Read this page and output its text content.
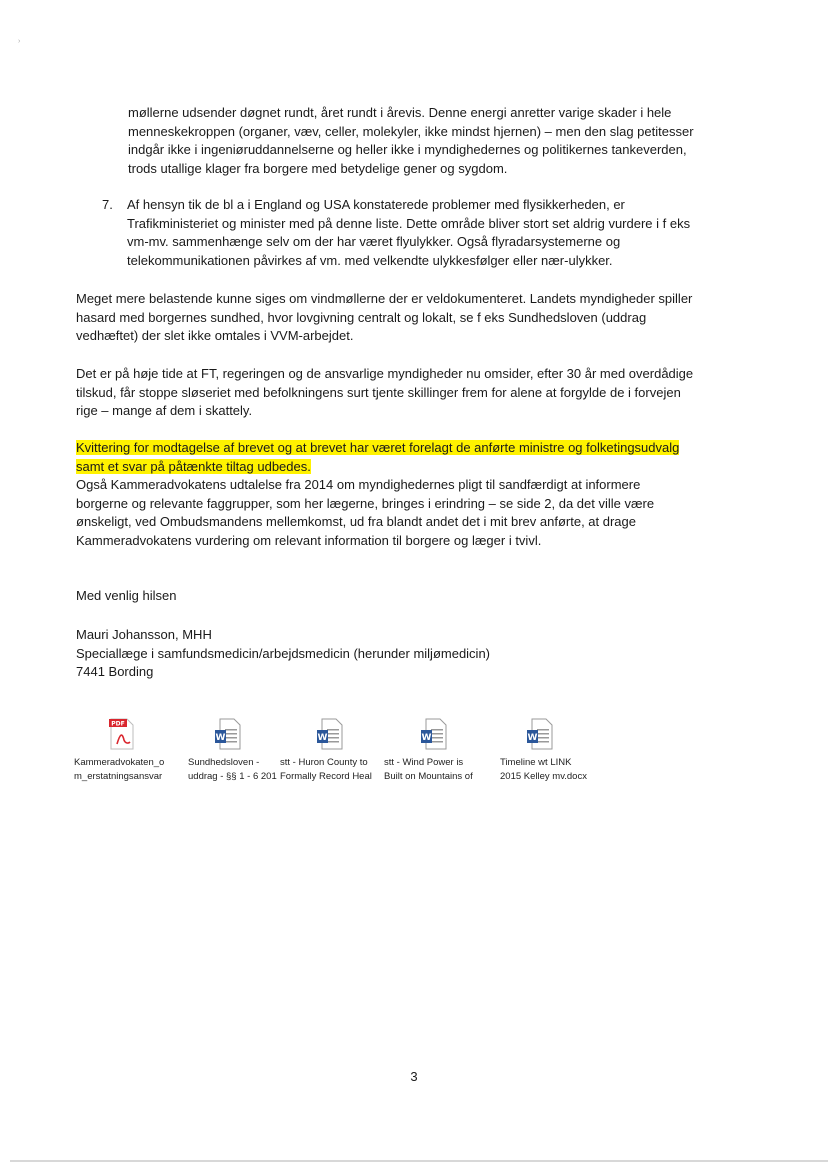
›
møllerne udsender døgnet rundt, året rundt i årevis. Denne energi anretter varige skader i hele
menneskekroppen (organer, væv, celler, molekyler, ikke mindst hjernen) – men den slag petitesser
indgår ikke i ingeniøruddannelserne og heller ikke i myndighedernes og politikernes tankeverden,
trods utallige klager fra borgere med betydelige gener og sygdom.
7. Af hensyn tik de bl a i England og USA konstaterede problemer med flysikkerheden, er
Trafikministeriet og minister med på denne liste. Dette område bliver stort set aldrig vurdere i f eks
vm-mv. sammenhænge selv om der har været flyulykker. Også flyradarsystemerne og
telekommunikationen påvirkes af vm. med velkendte ulykkesfølger eller nær-ulykker.
Meget mere belastende kunne siges om vindmøllerne der er veldokumenteret. Landets myndigheder spiller
hasard med borgernes sundhed, hvor lovgivning centralt og lokalt, se f eks Sundhedsloven (uddrag
vedhæftet) der slet ikke omtales i VVM-arbejdet.
Det er på høje tide at FT, regeringen og de ansvarlige myndigheder nu omsider, efter 30 år med overdådige
tilskud, får stoppe sløseriet med befolkningens surt tjente skillinger frem for alene at forgylde de i forvejen
rige – mange af dem i skattely.
Kvittering for modtagelse af brevet og at brevet har været forelagt de anførte ministre og folketingsudvalg
samt et svar på påtænkte tiltag udbedes.
Også Kammeradvokatens udtalelse fra 2014 om myndighedernes pligt til sandfærdigt at informere
borgerne og relevante faggrupper, som her lægerne, bringes i erindring – se side 2, da det ville være
ønskeligt, ved Ombudsmandens mellemkomst, ud fra blandt andet det i mit brev anførte, at drage
Kammeradvokatens vurdering om relevant information til borgere og læger i tvivl.
Med venlig hilsen
Mauri Johansson, MHH
Speciallæge i samfundsmedicin/arbejdsmedicin (herunder miljømedicin)
7441 Bording
PDF
Kammeradvokaten_o
m_erstatningsansvar
W
Sundhedsloven -
uddrag - §§ 1 - 6 201
W
stt - Huron County to
Formally Record Heal
W
stt - Wind Power is
Built on Mountains of
W
Timeline wt LINK
2015 Kelley mv.docx
3
